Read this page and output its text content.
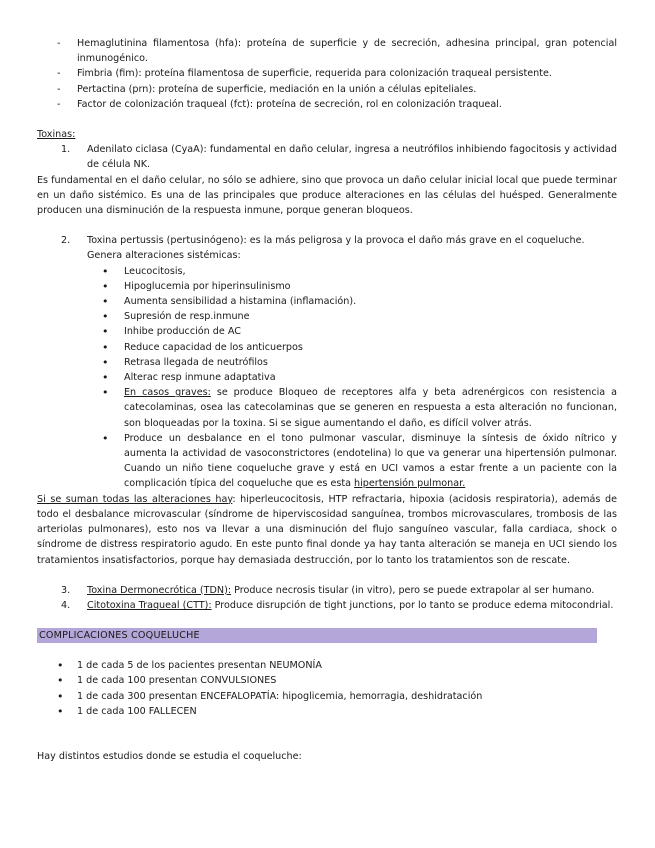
- Hemaglutinina filamentosa (hfa): proteína de superficie y de secreción, adhesina principal, gran potencial inmunogénico.
- Fimbria (fim): proteína filamentosa de superficie, requerida para colonización traqueal persistente.
- Pertactina (prn): proteína de superficie, mediación en la unión a células epiteliales.
- Factor de colonización traqueal (fct): proteína de secreción, rol en colonización traqueal.
Toxinas:
1. Adenilato ciclasa (CyaA): fundamental en daño celular, ingresa a neutrófilos inhibiendo fagocitosis y actividad de célula NK.
Es fundamental en el daño celular, no sólo se adhiere, sino que provoca un daño celular inicial local que puede terminar en un daño sistémico. Es una de las principales que produce alteraciones en las células del huésped. Generalmente producen una disminución de la respuesta inmune, porque generan bloqueos.
2. Toxina pertussis (pertusinógeno): es la más peligrosa y la provoca el daño más grave en el coqueluche.
Genera alteraciones sistémicas:
• Leucocitosis,
• Hipoglucemia por hiperinsulinismo
• Aumenta sensibilidad a histamina (inflamación).
• Supresión de resp.inmune
• Inhibe producción de AC
• Reduce capacidad de los anticuerpos
• Retrasa llegada de neutrófilos
• Alterac resp inmune adaptativa
• En casos graves: se produce Bloqueo de receptores alfa y beta adrenérgicos con resistencia a catecolaminas, osea las catecolaminas que se generen en respuesta a esta alteración no funcionan, son bloqueadas por la toxina. Si se sigue aumentando el daño, es difícil volver atrás.
• Produce un desbalance en el tono pulmonar vascular, disminuye la síntesis de óxido nítrico y aumenta la actividad de vasoconstrictores (endotelina) lo que va generar una hipertensión pulmonar. Cuando un niño tiene coqueluche grave y está en UCI vamos a estar frente a un paciente con la complicación típica del coqueluche que es esta hipertensión pulmonar.
Si se suman todas las alteraciones hay: hiperleucocitosis, HTP refractaria, hipoxia (acidosis respiratoria), además de todo el desbalance microvascular (síndrome de hiperviscosidad sanguínea, trombos microvasculares, trombosis de las arteriolas pulmonares), esto nos va llevar a una disminución del flujo sanguíneo vascular, falla cardiaca, shock o síndrome de distress respiratorio agudo. En este punto final donde ya hay tanta alteración se maneja en UCI siendo los tratamientos insatisfactorios, porque hay demasiada destrucción, por lo tanto los tratamientos son de rescate.
3. Toxina Dermonecrótica (TDN): Produce necrosis tisular (in vitro), pero se puede extrapolar al ser humano.
4. Citotoxina Traqueal (CTT): Produce disrupción de tight junctions, por lo tanto se produce edema mitocondrial.
COMPLICACIONES COQUELUCHE
• 1 de cada 5 de los pacientes presentan NEUMONÍA
• 1 de cada 100 presentan CONVULSIONES
• 1 de cada 300 presentan ENCEFALOPATÍA: hipoglicemia, hemorragia, deshidratación
• 1 de cada 100 FALLECEN
Hay distintos estudios donde se estudia el coqueluche:
